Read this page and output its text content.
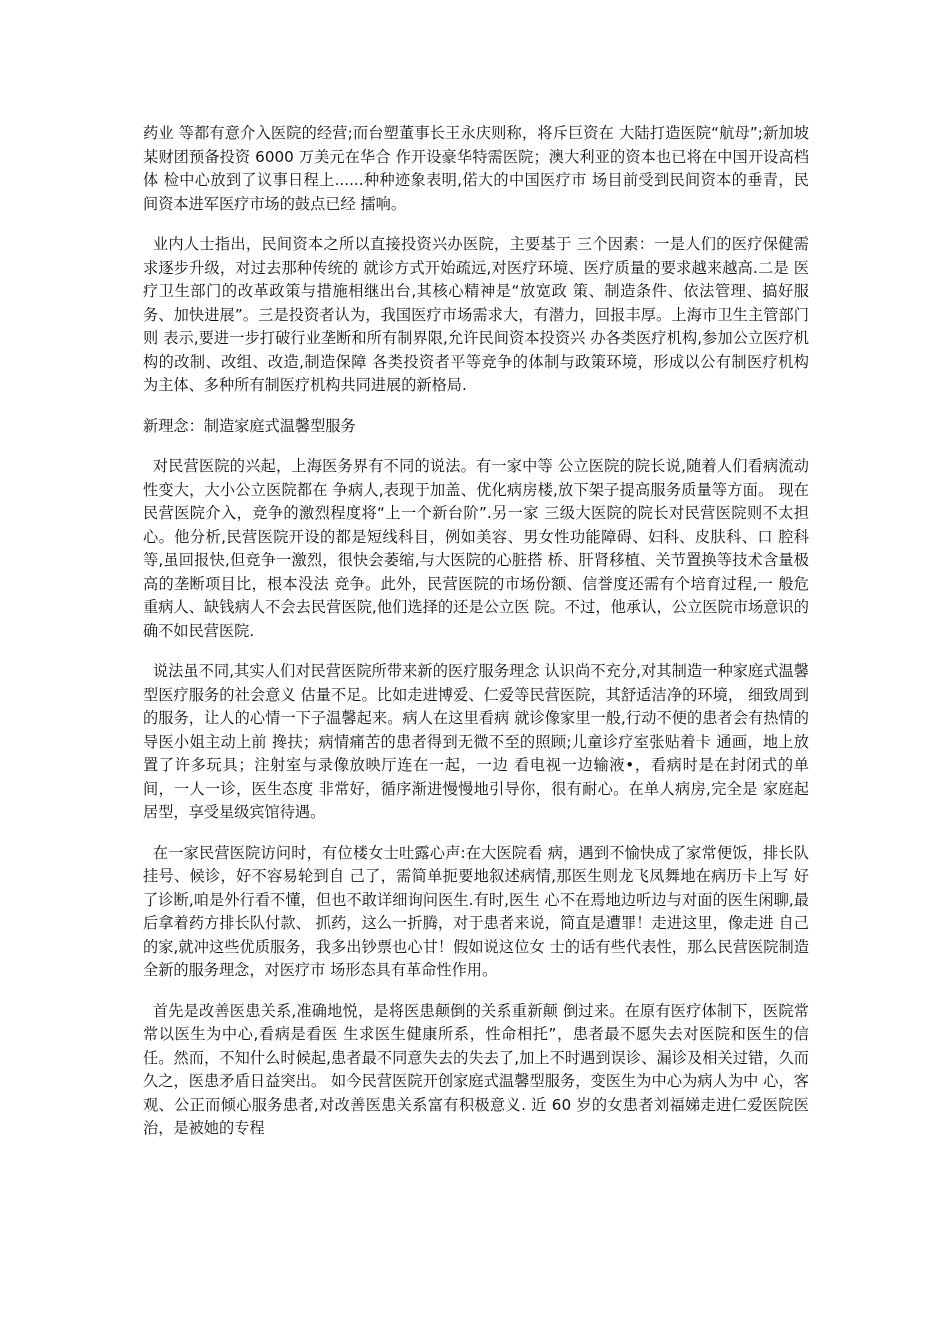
药业 等都有意介入医院的经营;而台塑董事长王永庆则称，将斥巨资在 大陆打造医院“航母”;新加坡某财团预备投资 6000 万美元在华合 作开设豪华特需医院；澳大利亚的资本也已将在中国开设高档体 检中心放到了议事日程上......种种迹象表明,偌大的中国医疗市 场目前受到民间资本的垂青，民间资本进军医疗市场的鼓点已经 擂响。

业内人士指出，民间资本之所以直接投资兴办医院，主要基于 三个因素：一是人们的医疗保健需求逐步升级，对过去那种传统的 就诊方式开始疏远,对医疗环境、医疗质量的要求越来越高.二是 医疗卫生部门的改革政策与措施相继出台,其核心精神是“放宽政 策、制造条件、依法管理、搞好服务、加快进展”。三是投资者认为，我国医疗市场需求大，有潜力，回报丰厚。上海市卫生主管部门则 表示,要进一步打破行业垄断和所有制界限,允许民间资本投资兴 办各类医疗机构,参加公立医疗机构的改制、改组、改造,制造保障 各类投资者平等竞争的体制与政策环境，形成以公有制医疗机构 为主体、多种所有制医疗机构共同进展的新格局.

新理念：制造家庭式温馨型服务

对民营医院的兴起，上海医务界有不同的说法。有一家中等 公立医院的院长说,随着人们看病流动性变大，大小公立医院都在 争病人,表现于加盖、优化病房楼,放下架子提高服务质量等方面。 现在民营医院介入，竞争的激烈程度将“上一个新台阶”.另一家 三级大医院的院长对民营医院则不太担心。他分析,民营医院开设的都是短线科目，例如美容、男女性功能障碍、妇科、皮肤科、口 腔科等,虽回报快,但竞争一激烈，很快会萎缩,与大医院的心脏搭 桥、肝肾移植、关节置换等技术含量极高的垄断项目比，根本没法 竞争。此外，民营医院的市场份额、信誉度还需有个培育过程,一 般危重病人、缺钱病人不会去民营医院,他们选择的还是公立医 院。不过，他承认，公立医院市场意识的确不如民营医院.

说法虽不同,其实人们对民营医院所带来新的医疗服务理念 认识尚不充分,对其制造一种家庭式温馨型医疗服务的社会意义 估量不足。比如走进博爱、仁爱等民营医院，其舒适洁净的环境， 细致周到的服务，让人的心情一下子温馨起来。病人在这里看病 就诊像家里一般,行动不便的患者会有热情的导医小姐主动上前 搀扶；病情痛苦的患者得到无微不至的照顾;儿童诊疗室张贴着卡 通画，地上放置了许多玩具；注射室与录像放映厅连在一起，一边 看电视一边输液•，看病时是在封闭式的单间，一人一诊，医生态度 非常好，循序渐进慢慢地引导你，很有耐心。在单人病房,完全是 家庭起居型，享受星级宾馆待遇。

在一家民营医院访问时，有位楼女士吐露心声:在大医院看 病，遇到不愉快成了家常便饭，排长队挂号、候诊，好不容易轮到自 己了，需简单扼要地叙述病情,那医生则龙飞凤舞地在病历卡上写 好了诊断,咱是外行看不懂，但也不敢详细询问医生.有时,医生 心不在焉地边听边与对面的医生闲聊,最后拿着药方排长队付款、 抓药，这么一折腾，对于患者来说，简直是遭罪！走进这里，像走进 自己的家,就冲这些优质服务，我多出钞票也心甘！假如说这位女 士的话有些代表性，那么民营医院制造全新的服务理念，对医疗市 场形态具有革命性作用。

首先是改善医患关系,准确地悦，是将医患颠倒的关系重新颠 倒过来。在原有医疗体制下，医院常常以医生为中心,看病是看医 生求医生健康所系，性命相托”，患者最不愿失去对医院和医生的信任。然而，不知什么时候起,患者最不同意失去的失去了,加上不时遇到误诊、漏诊及相关过错，久而久之，医患矛盾日益突出。 如今民营医院开创家庭式温馨型服务，变医生为中心为病人为中 心，客观、公正而倾心服务患者,对改善医患关系富有积极意义. 近 60 岁的女患者刘福娣走进仁爱医院医治，是被她的专程
